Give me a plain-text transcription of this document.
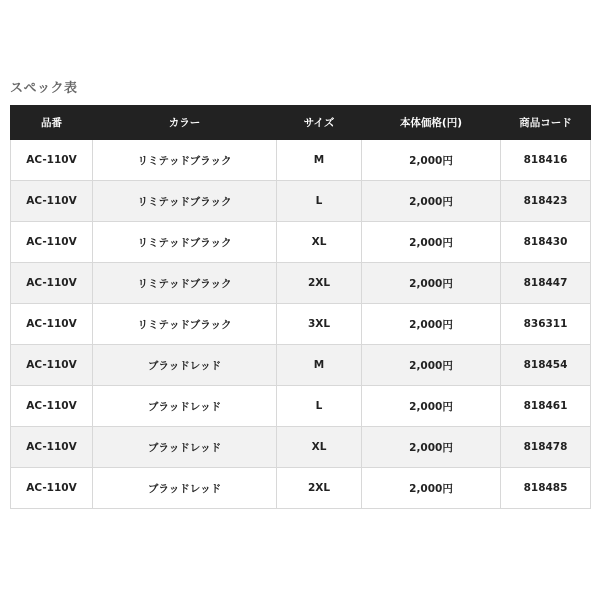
スペック表
品番	カラー	サイズ	本体価格(円)	商品コード
AC-110V	リミテッドブラック	M	2,000円	818416
AC-110V	リミテッドブラック	L	2,000円	818423
AC-110V	リミテッドブラック	XL	2,000円	818430
AC-110V	リミテッドブラック	2XL	2,000円	818447
AC-110V	リミテッドブラック	3XL	2,000円	836311
AC-110V	ブラッドレッド	M	2,000円	818454
AC-110V	ブラッドレッド	L	2,000円	818461
AC-110V	ブラッドレッド	XL	2,000円	818478
AC-110V	ブラッドレッド	2XL	2,000円	818485
